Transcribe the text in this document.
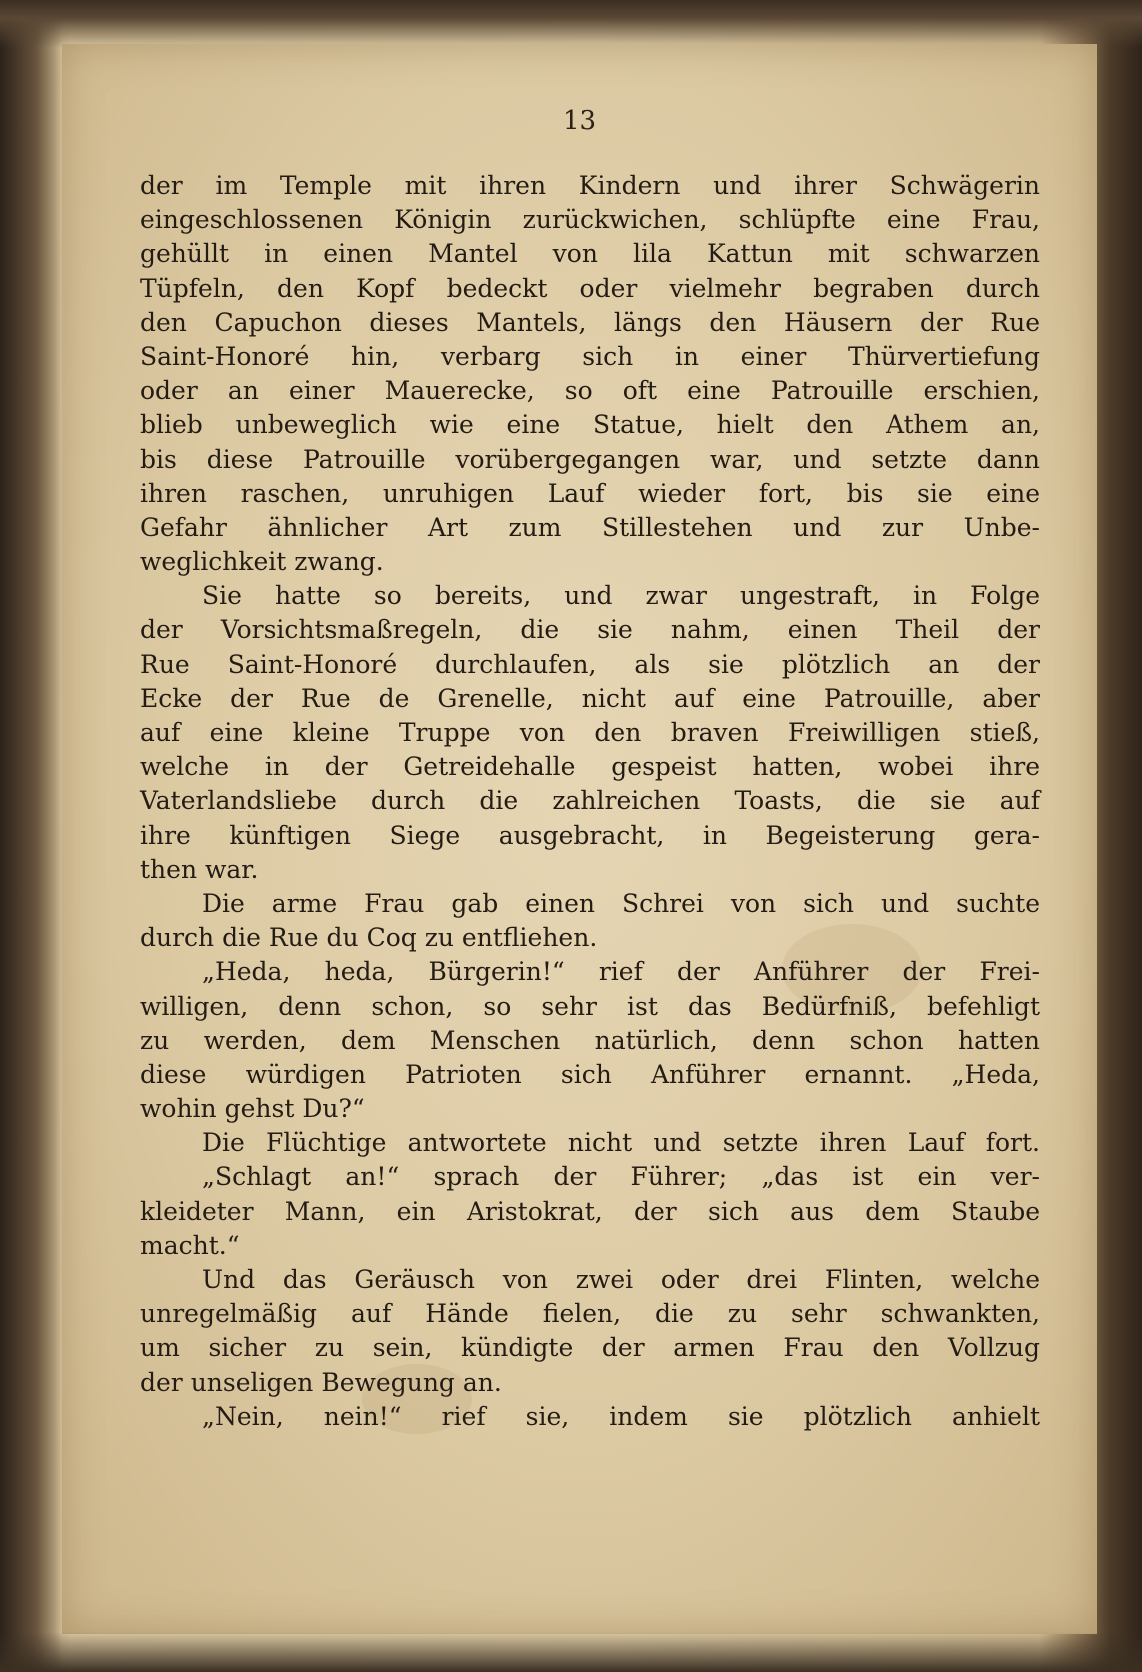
13
der im Temple mit ihren Kindern und ihrer Schwägerin
eingeschlossenen Königin zurückwichen, schlüpfte eine Frau,
gehüllt in einen Mantel von lila Kattun mit schwarzen
Tüpfeln, den Kopf bedeckt oder vielmehr begraben durch
den Capuchon dieses Mantels, längs den Häusern der Rue
Saint-Honoré hin, verbarg sich in einer Thürvertiefung
oder an einer Mauerecke, so oft eine Patrouille erschien,
blieb unbeweglich wie eine Statue, hielt den Athem an,
bis diese Patrouille vorübergegangen war, und setzte dann
ihren raschen, unruhigen Lauf wieder fort, bis sie eine
Gefahr ähnlicher Art zum Stillestehen und zur Unbe-
weglichkeit zwang.
Sie hatte so bereits, und zwar ungestraft, in Folge
der Vorsichtsmaßregeln, die sie nahm, einen Theil der
Rue Saint-Honoré durchlaufen, als sie plötzlich an der
Ecke der Rue de Grenelle, nicht auf eine Patrouille, aber
auf eine kleine Truppe von den braven Freiwilligen stieß,
welche in der Getreidehalle gespeist hatten, wobei ihre
Vaterlandsliebe durch die zahlreichen Toasts, die sie auf
ihre künftigen Siege ausgebracht, in Begeisterung gera-
then war.
Die arme Frau gab einen Schrei von sich und suchte
durch die Rue du Coq zu entfliehen.
„Heda, heda, Bürgerin!“ rief der Anführer der Frei-
willigen, denn schon, so sehr ist das Bedürfniß, befehligt
zu werden, dem Menschen natürlich, denn schon hatten
diese würdigen Patrioten sich Anführer ernannt. „Heda,
wohin gehst Du?“
Die Flüchtige antwortete nicht und setzte ihren Lauf fort.
„Schlagt an!“ sprach der Führer; „das ist ein ver-
kleideter Mann, ein Aristokrat, der sich aus dem Staube
macht.“
Und das Geräusch von zwei oder drei Flinten, welche
unregelmäßig auf Hände fielen, die zu sehr schwankten,
um sicher zu sein, kündigte der armen Frau den Vollzug
der unseligen Bewegung an.
„Nein, nein!“ rief sie, indem sie plötzlich anhielt
